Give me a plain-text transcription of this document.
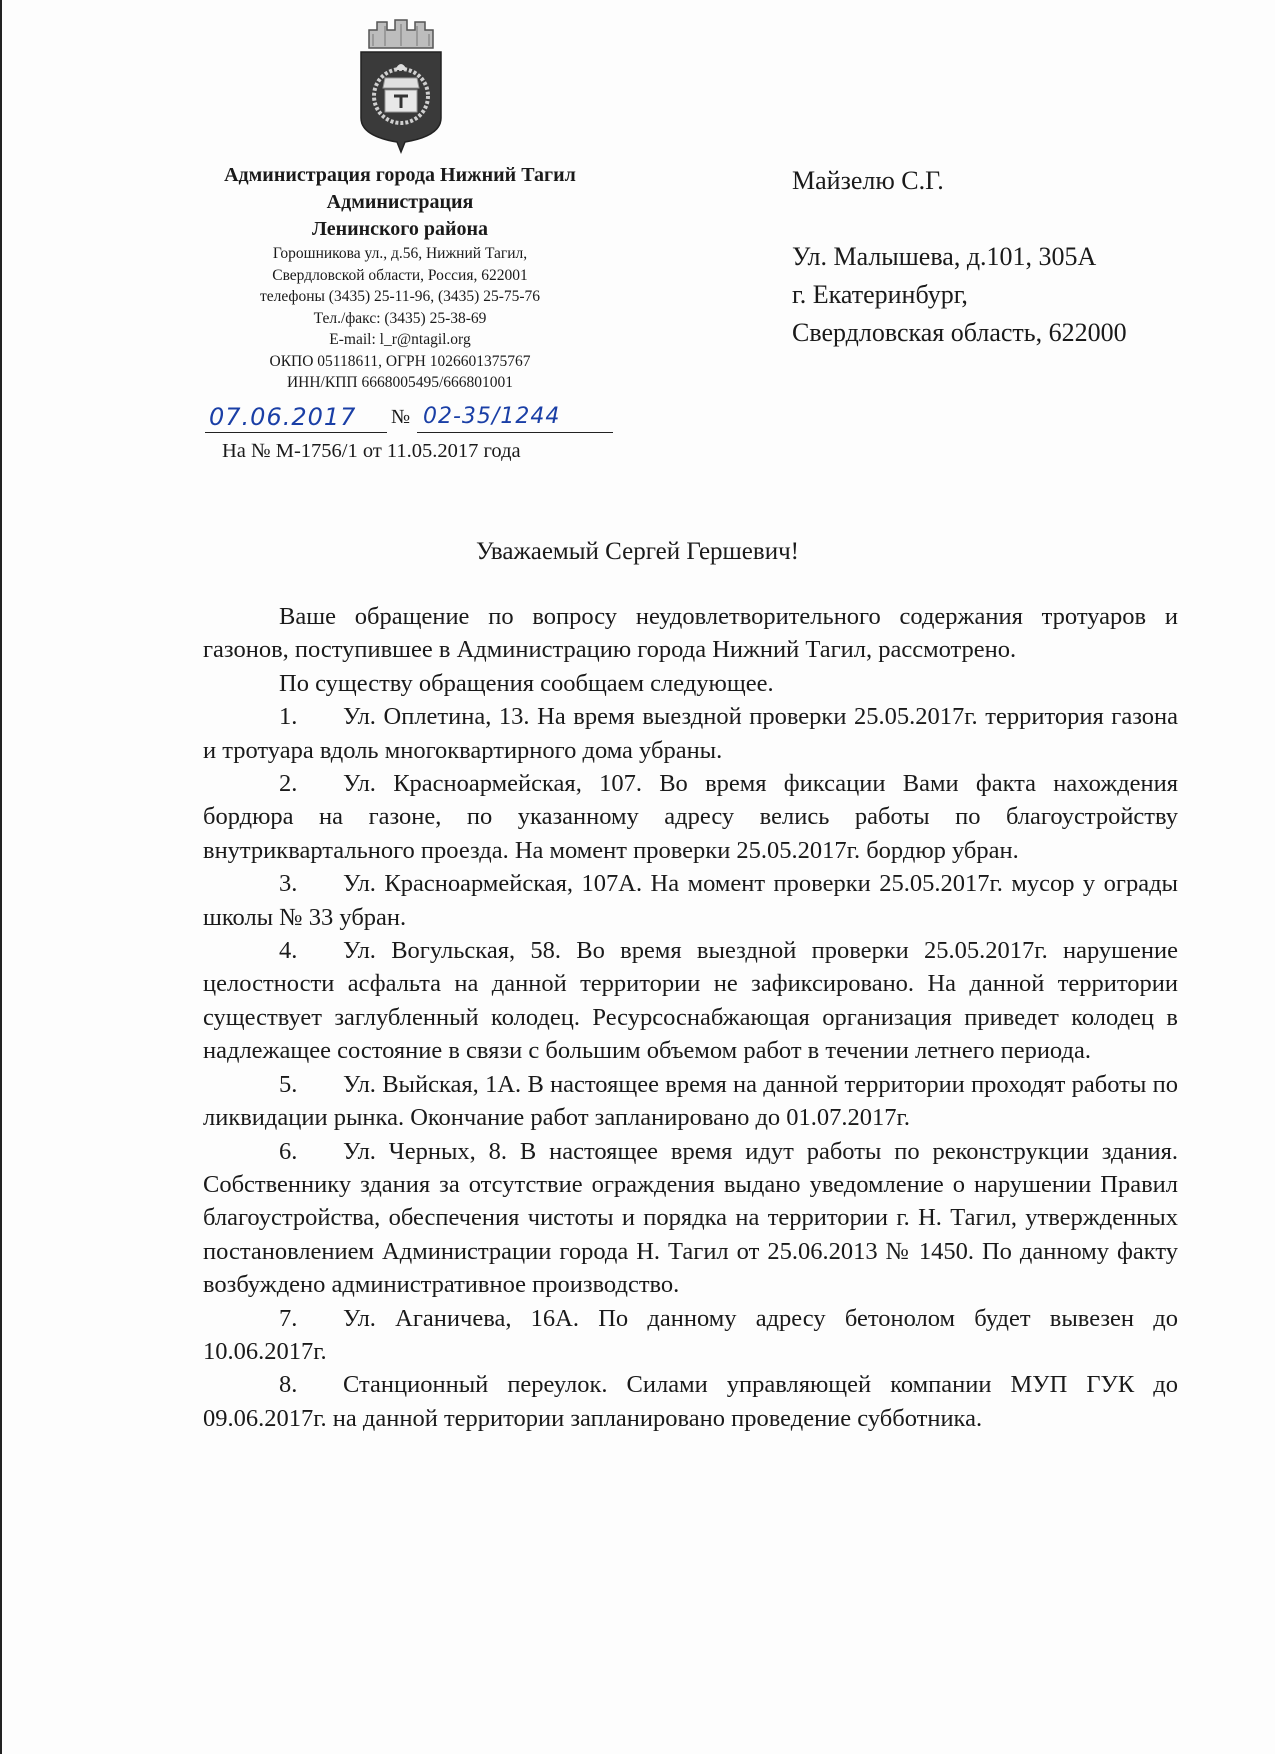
Администрация города Нижний Тагил
Администрация
Ленинского района
Горошникова ул., д.56, Нижний Тагил,
Свердловской области, Россия, 622001
телефоны (3435) 25-11-96, (3435) 25-75-76
Тел./факс: (3435) 25-38-69
E-mail: l_r@ntagil.org
ОКПО 05118611, ОГРН 1026601375767
ИНН/КПП 6668005495/666801001
07.06.2017	№ 02-35/1244
На № М-1756/1 от 11.05.2017 года
Майзелю С.Г.
Ул. Малышева, д.101, 305А
г. Екатеринбург,
Свердловская область, 622000
Уважаемый Сергей Гершевич!

Ваше обращение по вопросу неудовлетворительного содержания тротуаров и газонов, поступившее в Администрацию города Нижний Тагил, рассмотрено.

По существу обращения сообщаем следующее.

1. Ул. Оплетина, 13. На время выездной проверки 25.05.2017г. территория газона и тротуара вдоль многоквартирного дома убраны.

2. Ул. Красноармейская, 107. Во время фиксации Вами факта нахождения бордюра на газоне, по указанному адресу велись работы по благоустройству внутриквартального проезда. На момент проверки 25.05.2017г. бордюр убран.

3. Ул. Красноармейская, 107А. На момент проверки 25.05.2017г. мусор у ограды школы № 33 убран.

4. Ул. Вогульская, 58. Во время выездной проверки 25.05.2017г. нарушение целостности асфальта на данной территории не зафиксировано. На данной территории существует заглубленный колодец. Ресурсоснабжающая организация приведет колодец в надлежащее состояние в связи с большим объемом работ в течении летнего периода.

5. Ул. Выйская, 1А. В настоящее время на данной территории проходят работы по ликвидации рынка. Окончание работ запланировано до 01.07.2017г.

6. Ул. Черных, 8. В настоящее время идут работы по реконструкции здания. Собственнику здания за отсутствие ограждения выдано уведомление о нарушении Правил благоустройства, обеспечения чистоты и порядка на территории г. Н. Тагил, утвержденных постановлением Администрации города Н. Тагил от 25.06.2013 № 1450. По данному факту возбуждено административное производство.

7. Ул. Аганичева, 16А. По данному адресу бетонолом будет вывезен до 10.06.2017г.

8. Станционный переулок. Силами управляющей компании МУП ГУК до 09.06.2017г. на данной территории запланировано проведение субботника.
